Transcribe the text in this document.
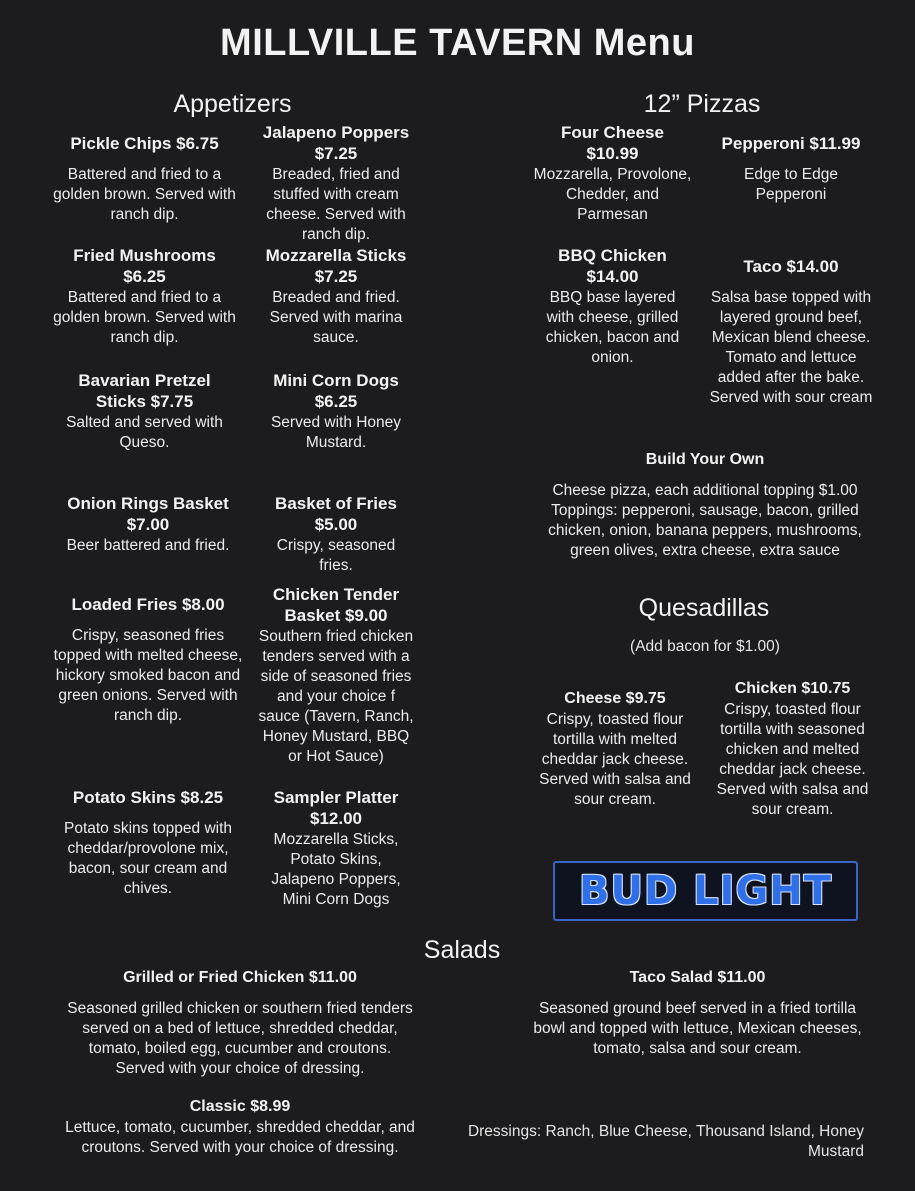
MILLVILLE TAVERN Menu
Appetizers	12” Pizzas
Quesadillas
Salads
Pickle Chips $6.75
Battered and fried to a golden brown. Served with ranch dip.
Fried Mushrooms $6.25
Battered and fried to a golden brown. Served with ranch dip.
Bavarian Pretzel Sticks $7.75
Salted and served with Queso.
Onion Rings Basket $7.00
Beer battered and fried.
Loaded Fries $8.00
Crispy, seasoned fries topped with melted cheese, hickory smoked bacon and green onions. Served with ranch dip.
Potato Skins $8.25
Potato skins topped with cheddar/provolone mix, bacon, sour cream and chives.
Jalapeno Poppers $7.25
Breaded, fried and stuffed with cream cheese. Served with ranch dip.
Mozzarella Sticks $7.25
Breaded and fried. Served with marina sauce.
Mini Corn Dogs $6.25
Served with Honey Mustard.
Basket of Fries $5.00
Crispy, seasoned fries.
Chicken Tender Basket $9.00
Southern fried chicken tenders served with a side of seasoned fries and your choice f sauce (Tavern, Ranch, Honey Mustard, BBQ or Hot Sauce)
Sampler Platter $12.00
Mozzarella Sticks, Potato Skins, Jalapeno Poppers, Mini Corn Dogs
Four Cheese $10.99
Mozzarella, Provolone, Chedder, and Parmesan
Pepperoni $11.99
Edge to Edge Pepperoni
BBQ Chicken $14.00
BBQ base layered with cheese, grilled chicken, bacon and onion.
Taco $14.00
Salsa base topped with layered ground beef, Mexican blend cheese. Tomato and lettuce added after the bake. Served with sour cream
Build Your Own
Cheese pizza, each additional topping $1.00 Toppings: pepperoni, sausage, bacon, grilled chicken, onion, banana peppers, mushrooms, green olives, extra cheese, extra sauce
(Add bacon for $1.00)
Cheese $9.75
Crispy, toasted flour tortilla with melted cheddar jack cheese. Served with salsa and sour cream.
Chicken $10.75
Crispy, toasted flour tortilla with seasoned chicken and melted cheddar jack cheese. Served with salsa and sour cream.
BUD LIGHT
Grilled or Fried Chicken $11.00
Seasoned grilled chicken or southern fried tenders served on a bed of lettuce, shredded cheddar, tomato, boiled egg, cucumber and croutons. Served with your choice of dressing.
Taco Salad $11.00
Seasoned ground beef served in a fried tortilla bowl and topped with lettuce, Mexican cheeses, tomato, salsa and sour cream.
Classic $8.99
Lettuce, tomato, cucumber, shredded cheddar, and croutons. Served with your choice of dressing.
Dressings: Ranch, Blue Cheese, Thousand Island, Honey Mustard
